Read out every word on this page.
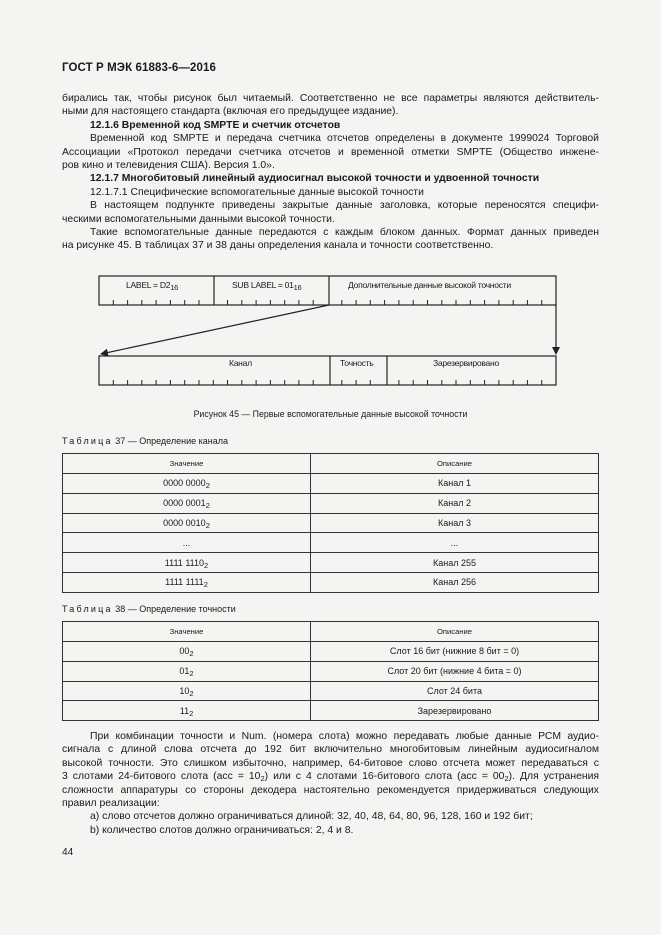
ГОСТ Р МЭК 61883-6—2016

бирались так, чтобы рисунок был читаемый. Соответственно не все параметры являются действитель-

ными для настоящего стандарта (включая его предыдущее издание).

12.1.6 Временной код SMPTE и счетчик отсчетов

Временной код SMPTE и передача счетчика отсчетов определены в документе 1999024 Торговой

Ассоциации «Протокол передачи счетчика отсчетов и временной отметки SMPTE (Общество инжене-

ров кино и телевидения США). Версия 1.0».

12.1.7 Многобитовый линейный аудиосигнал высокой точности и удвоенной точности

12.1.7.1 Специфические вспомогательные данные высокой точности

В настоящем подпункте приведены закрытые данные заголовка, которые переносятся специфи-

ческими вспомогательными данными высокой точности.

Такие вспомогательные данные передаются с каждым блоком данных. Формат данных приведен

на рисунке 45. В таблицах 37 и 38 даны определения канала и точности соответственно.

LABEL = $D2_{16}$	SUB LABEL = $01_{16}$	Дополнительные данные высокой точности
Канал	Точность	Зарезервировано
Рисунок 45 — Первые вспомогательные данные высокой точности
Таблица 37 — Определение канала
Значение	Описание
0000 $0000_2$	Канал 1
0000 $0001_2$	Канал 2
0000 $0010_2$	Канал 3
...	...
1111 $1110_2$	Канал 255
1111 $1111_2$	Канал 256
Таблица 38 — Определение точности
Значение	Описание
$00_2$	Слот 16 бит (нижние 8 бит = 0)
$01_2$	Слот 20 бит (нижние 4 бита = 0)
$10_2$	Слот 24 бита
$11_2$	Зарезервировано

При комбинации точности и Num. (номера слота) можно передавать любые данные РСМ аудио-

сигнала с длиной слова отсчета до 192 бит включительно многобитовым линейным аудиосигналом

высокой точности. Это слишком избыточно, например, 64-битовое слово отсчета может передаваться с

3 слотами 24-битового слота $(acc = 10_2)$ или с 4 слотами 16-битового слота $(acc = 00_2)$. Для устранения

сложности аппаратуры со стороны декодера настоятельно рекомендуется придерживаться следующих

правил реализации:

а) слово отсчетов должно ограничиваться длиной: 32, 40, 48, 64, 80, 96, 128, 160 и 192 бит;

b) количество слотов должно ограничиваться: 2, 4 и 8.

44
